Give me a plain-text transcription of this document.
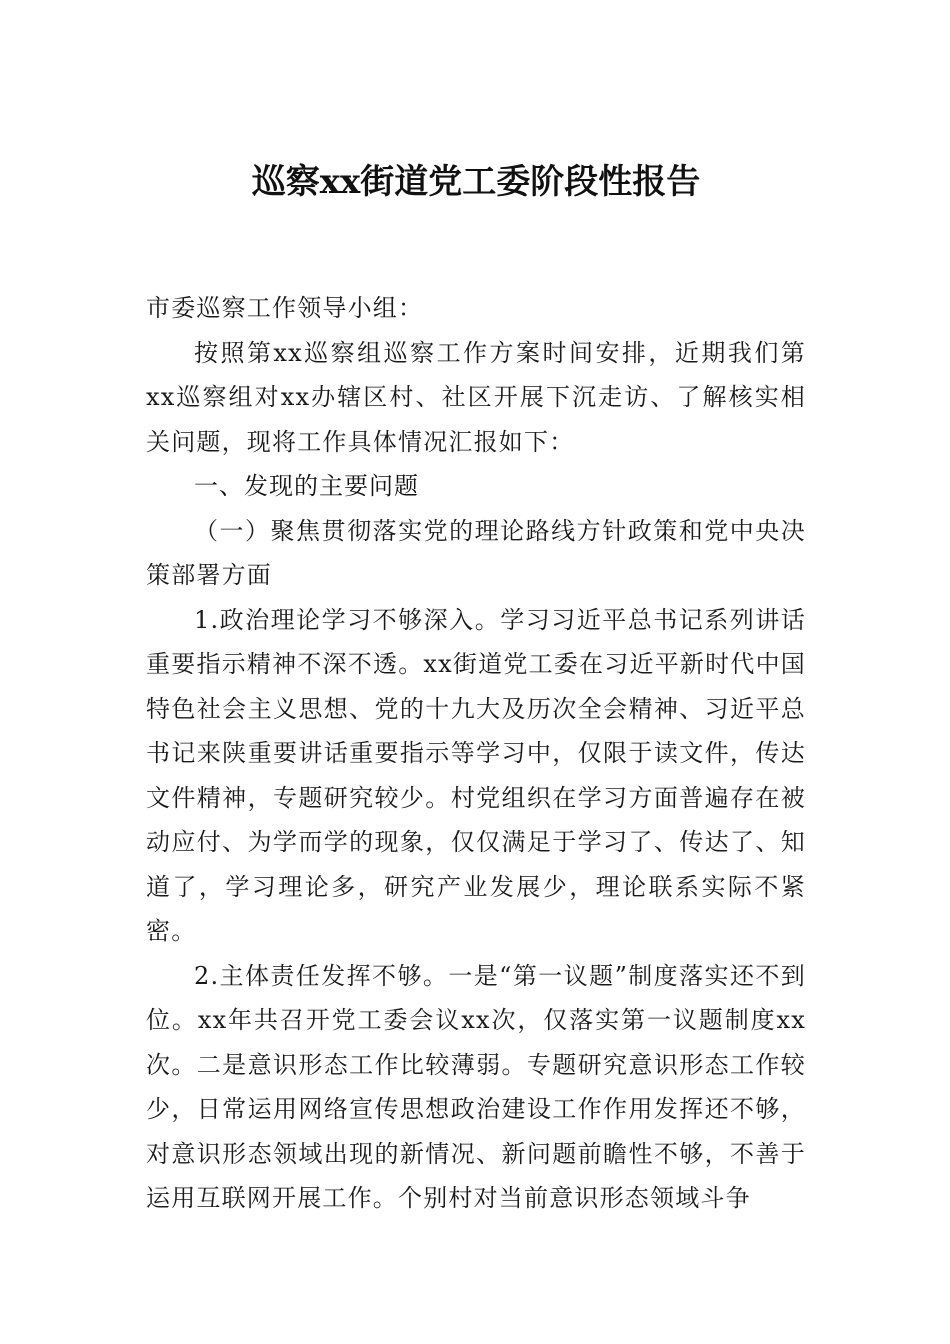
巡察xx街道党工委阶段性报告

市委巡察工作领导小组：

按照第xx巡察组巡察工作方案时间安排，近期我们第xx巡察组对xx办辖区村、社区开展下沉走访、了解核实相关问题，现将工作具体情况汇报如下：

一、发现的主要问题

（一）聚焦贯彻落实党的理论路线方针政策和党中央决策部署方面

1.政治理论学习不够深入。学习习近平总书记系列讲话重要指示精神不深不透。xx街道党工委在习近平新时代中国特色社会主义思想、党的十九大及历次全会精神、习近平总书记来陕重要讲话重要指示等学习中，仅限于读文件，传达文件精神，专题研究较少。村党组织在学习方面普遍存在被动应付、为学而学的现象，仅仅满足于学习了、传达了、知道了，学习理论多，研究产业发展少，理论联系实际不紧密。

2.主体责任发挥不够。一是“第一议题”制度落实还不到位。xx年共召开党工委会议xx次，仅落实第一议题制度xx次。二是意识形态工作比较薄弱。专题研究意识形态工作较少，日常运用网络宣传思想政治建设工作作用发挥还不够，对意识形态领域出现的新情况、新问题前瞻性不够，不善于运用互联网开展工作。个别村对当前意识形态领域斗争
